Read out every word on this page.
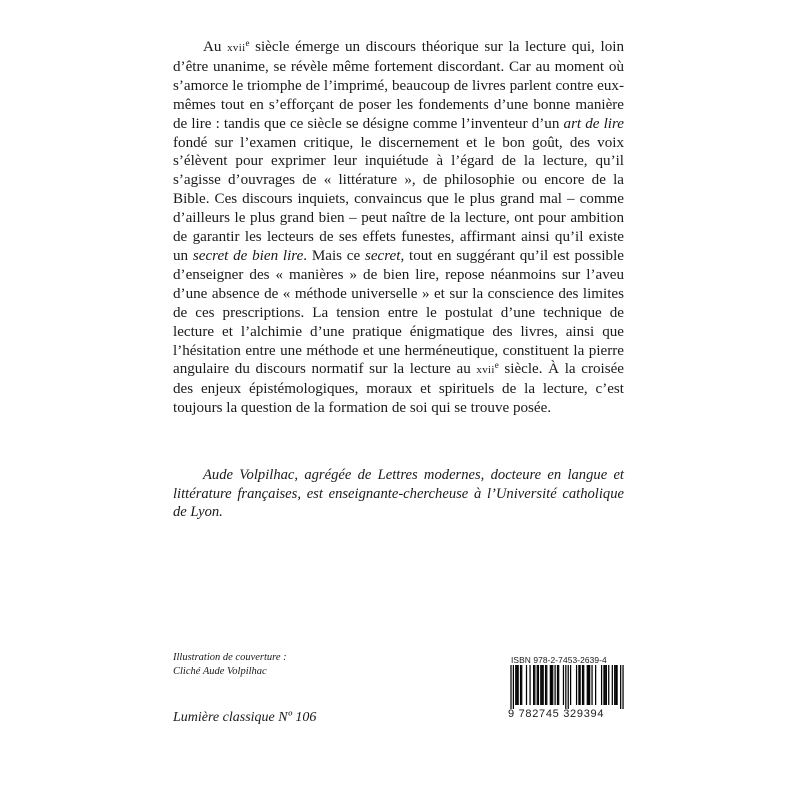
Au xvii$^e$ siècle émerge un discours théorique sur la lecture qui, loin d’être unanime, se révèle même fortement discordant. Car au moment où s’amorce le triomphe de l’imprimé, beaucoup de livres parlent contre eux-mêmes tout en s’efforçant de poser les fondements d’une bonne manière de lire : tandis que ce siècle se désigne comme l’inventeur d’un art de lire fondé sur l’examen critique, le discernement et le bon goût, des voix s’élèvent pour exprimer leur inquiétude à l’égard de la lecture, qu’il s’agisse d’ouvrages de « littérature », de philosophie ou encore de la Bible. Ces discours inquiets, convaincus que le plus grand mal – comme d’ailleurs le plus grand bien – peut naître de la lecture, ont pour ambition de garantir les lecteurs de ses effets funestes, affirmant ainsi qu’il existe un secret de bien lire. Mais ce secret, tout en suggérant qu’il est possible d’enseigner des « manières » de bien lire, repose néanmoins sur l’aveu d’une absence de « méthode universelle » et sur la conscience des limites de ces prescriptions. La tension entre le postulat d’une technique de lecture et l’alchimie d’une pratique énigmatique des livres, ainsi que l’hésitation entre une méthode et une herméneutique, constituent la pierre angulaire du discours normatif sur la lecture au xvii$^e$ siècle. À la croisée des enjeux épistémologiques, moraux et spirituels de la lecture, c’est toujours la question de la formation de soi qui se trouve posée.

Aude Volpilhac, agrégée de Lettres modernes, docteure en langue et littérature françaises, est enseignante-chercheuse à l’Université catholique de Lyon.

Illustration de couverture :
Cliché Aude Volpilhac
Lumière classique Nº 106
ISBN 978-2-7453-2639-4
9 782745 329394
